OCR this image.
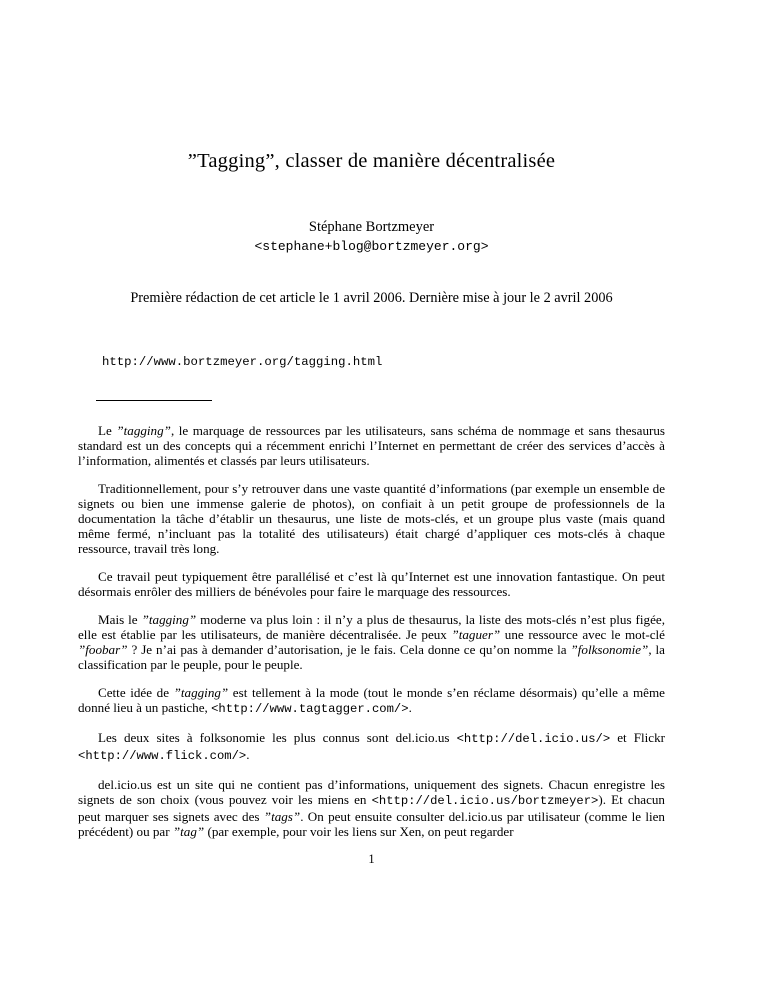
”Tagging”, classer de manière décentralisée
Stéphane Bortzmeyer
<stephane+blog@bortzmeyer.org>
Première rédaction de cet article le 1 avril 2006. Dernière mise à jour le 2 avril 2006
http://www.bortzmeyer.org/tagging.html

Le ”tagging”, le marquage de ressources par les utilisateurs, sans schéma de nommage et sans thesaurus standard est un des concepts qui a récemment enrichi l’Internet en permettant de créer des services d’accès à l’information, alimentés et classés par leurs utilisateurs.

Traditionnellement, pour s’y retrouver dans une vaste quantité d’informations (par exemple un ensemble de signets ou bien une immense galerie de photos), on confiait à un petit groupe de professionnels de la documentation la tâche d’établir un thesaurus, une liste de mots-clés, et un groupe plus vaste (mais quand même fermé, n’incluant pas la totalité des utilisateurs) était chargé d’appliquer ces mots-clés à chaque ressource, travail très long.

Ce travail peut typiquement être parallélisé et c’est là qu’Internet est une innovation fantastique. On peut désormais enrôler des milliers de bénévoles pour faire le marquage des ressources.

Mais le ”tagging” moderne va plus loin : il n’y a plus de thesaurus, la liste des mots-clés n’est plus figée, elle est établie par les utilisateurs, de manière décentralisée. Je peux ”taguer” une ressource avec le mot-clé ”foobar” ? Je n’ai pas à demander d’autorisation, je le fais. Cela donne ce qu’on nomme la ”folksonomie”, la classification par le peuple, pour le peuple.

Cette idée de ”tagging” est tellement à la mode (tout le monde s’en réclame désormais) qu’elle a même donné lieu à un pastiche, <http://www.tagtagger.com/>.

Les deux sites à folksonomie les plus connus sont del.icio.us <http://del.icio.us/> et Flickr <http://www.flick.com/>.

del.icio.us est un site qui ne contient pas d’informations, uniquement des signets. Chacun enregistre les signets de son choix (vous pouvez voir les miens en <http://del.icio.us/bortzmeyer>). Et chacun peut marquer ses signets avec des ”tags”. On peut ensuite consulter del.icio.us par utilisateur (comme le lien précédent) ou par ”tag” (par exemple, pour voir les liens sur Xen, on peut regarder

1
